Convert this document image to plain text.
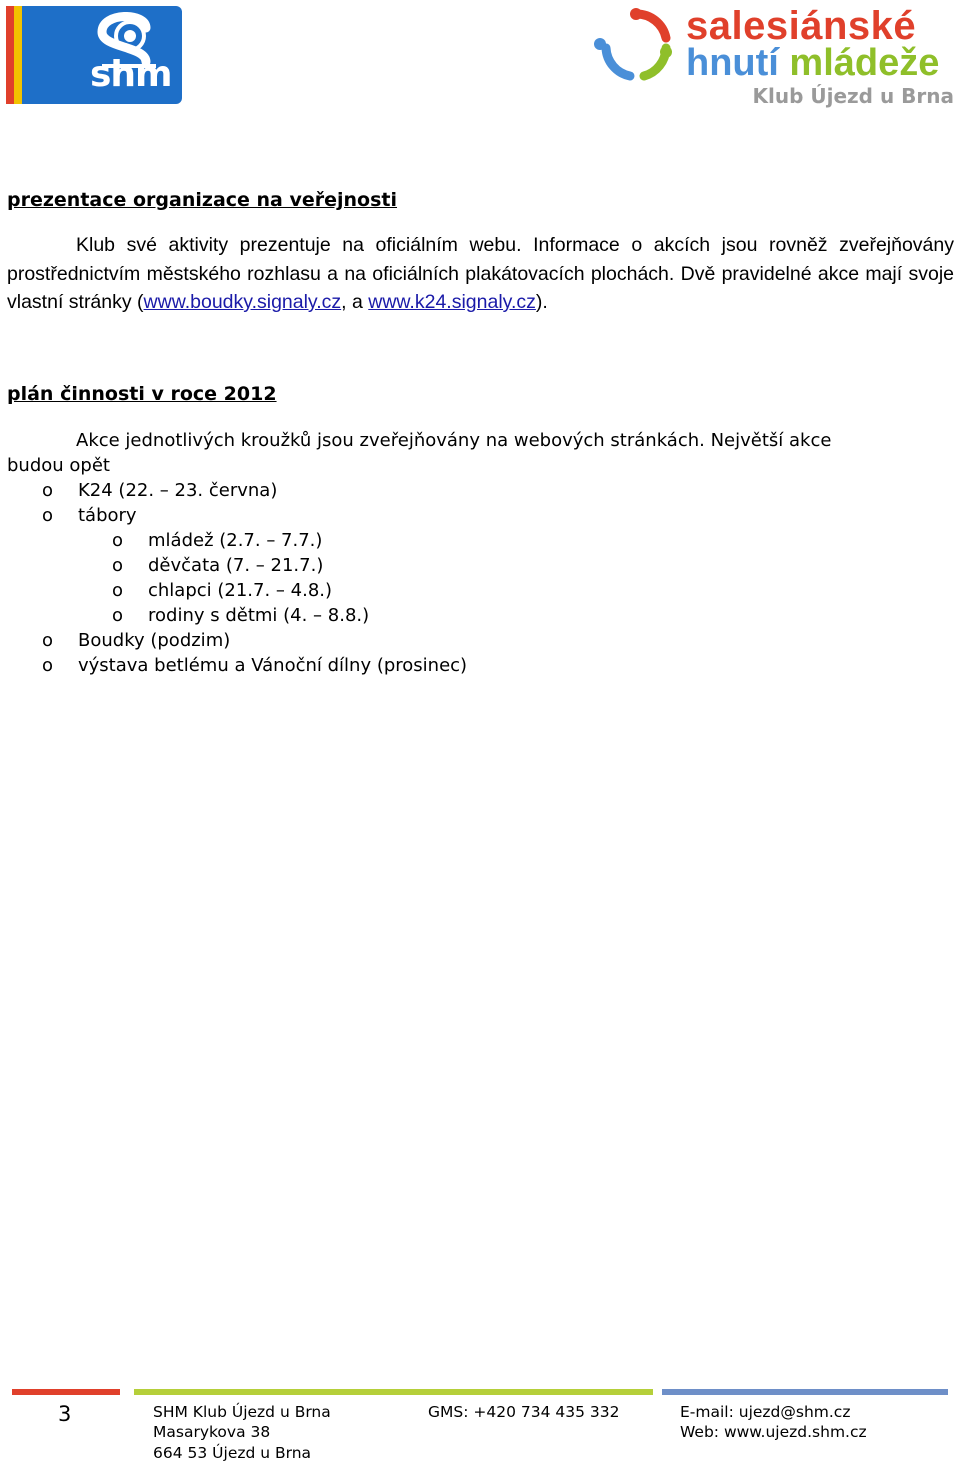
shm
salesiánské
hnutí mládeže
Klub Újezd u Brna
prezentace organizace na veřejnosti

Klub své aktivity prezentuje na oficiálním webu. Informace o akcích jsou rovněž zveřejňovány prostřednictvím městského rozhlasu a na oficiálních plakátovacích plochách. Dvě pravidelné akce mají svoje vlastní stránky (www.boudky.signaly.cz, a www.k24.signaly.cz).

plán činnosti v roce 2012
Akce jednotlivých kroužků jsou zveřejňovány na webových stránkách. Největší akce
budou opět
o K24 (22. – 23. června)
o tábory
o mládež (2.7. – 7.7.)
o děvčata (7. – 21.7.)
o chlapci (21.7. – 4.8.)
o rodiny s dětmi (4. – 8.8.)
o Boudky (podzim)
o výstava betlému a Vánoční dílny (prosinec)
3	SHM Klub Újezd u Brna
Masarykova 38
664 53 Újezd u Brna
GMS: +420 734 435 332	E-mail: ujezd@shm.cz
Web: www.ujezd.shm.cz
